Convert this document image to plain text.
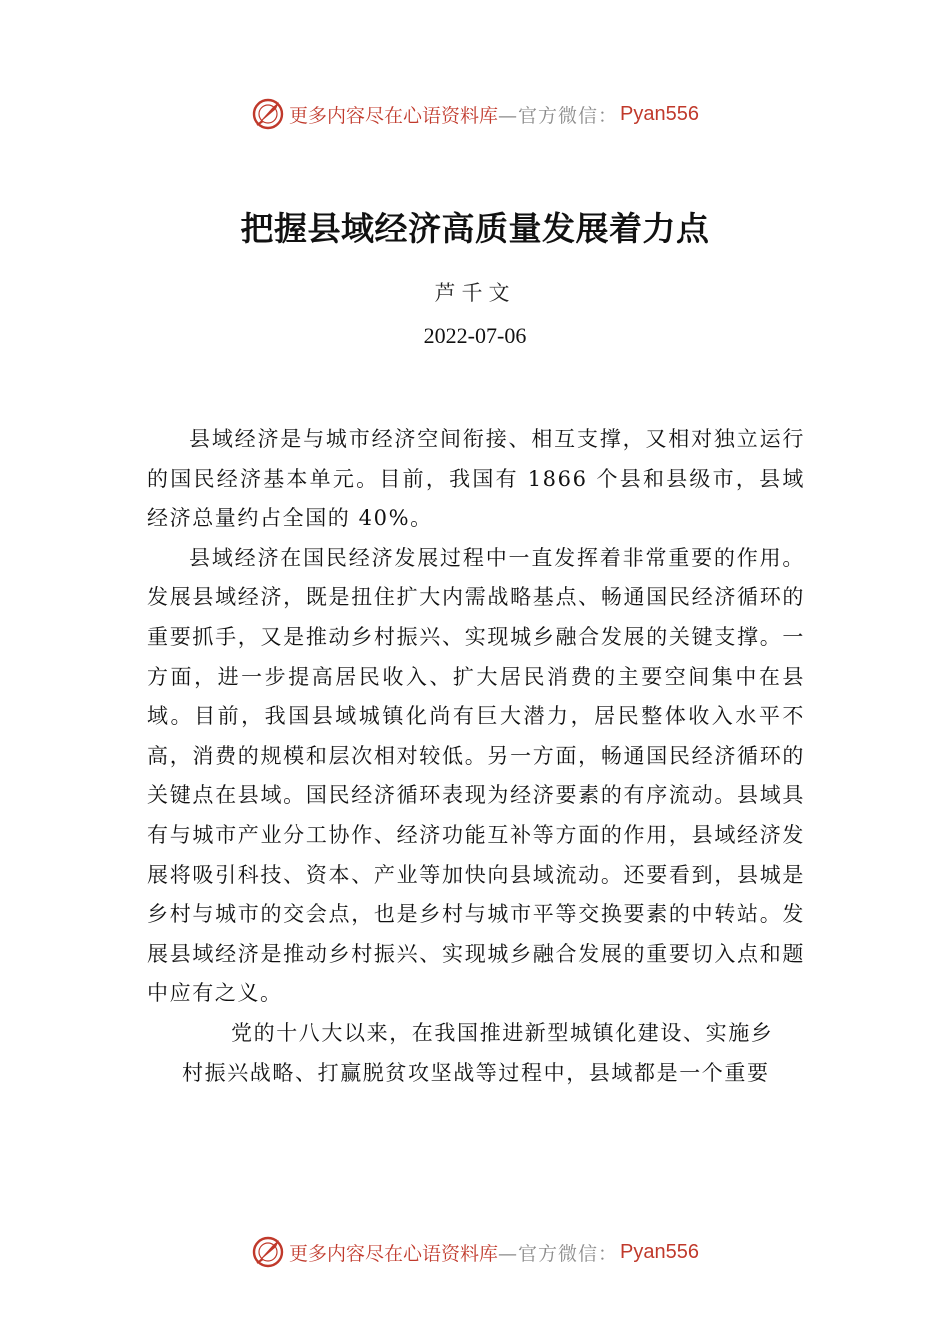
更多内容尽在心语资料库 —官方微信： Pyan556
把握县域经济高质量发展着力点
芦千文
2022-07-06

县域经济是与城市经济空间衔接、相互支撑，又相对独立运行的国民经济基本单元。目前，我国有 1866 个县和县级市，县域经济总量约占全国的 40%。

县域经济在国民经济发展过程中一直发挥着非常重要的作用。发展县域经济，既是扭住扩大内需战略基点、畅通国民经济循环的重要抓手，又是推动乡村振兴、实现城乡融合发展的关键支撑。一方面，进一步提高居民收入、扩大居民消费的主要空间集中在县域。目前，我国县域城镇化尚有巨大潜力，居民整体收入水平不高，消费的规模和层次相对较低。另一方面，畅通国民经济循环的关键点在县域。国民经济循环表现为经济要素的有序流动。县域具有与城市产业分工协作、经济功能互补等方面的作用，县域经济发展将吸引科技、资本、产业等加快向县域流动。还要看到，县城是乡村与城市的交会点，也是乡村与城市平等交换要素的中转站。发展县域经济是推动乡村振兴、实现城乡融合发展的重要切入点和题中应有之义。

党的十八大以来，在我国推进新型城镇化建设、实施乡
村振兴战略、打赢脱贫攻坚战等过程中，县域都是一个重要

更多内容尽在心语资料库 —官方微信： Pyan556
